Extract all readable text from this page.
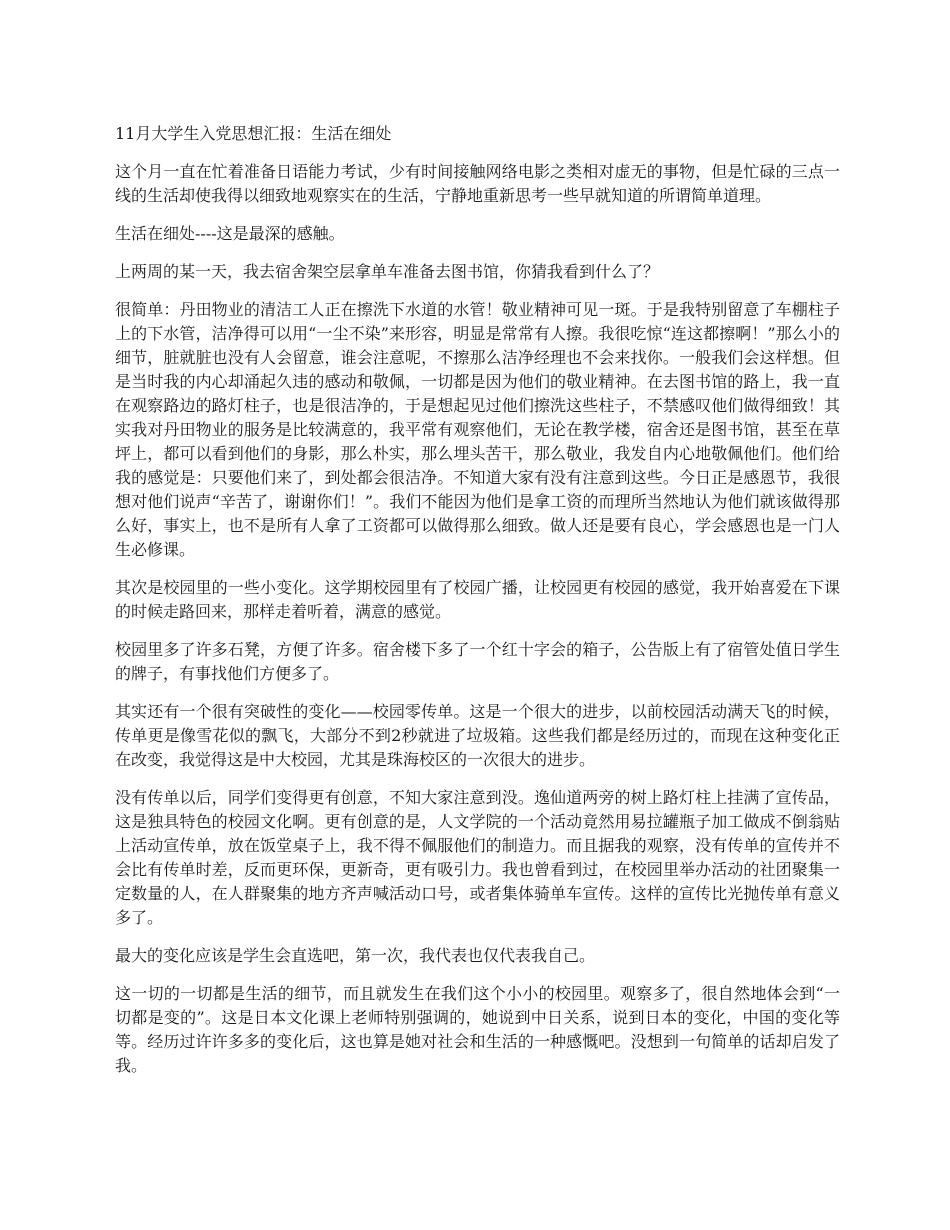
11月大学生入党思想汇报：生活在细处

这个月一直在忙着准备日语能力考试，少有时间接触网络电影之类相对虚无的事物，但是忙碌的三点一线的生活却使我得以细致地观察实在的生活，宁静地重新思考一些早就知道的所谓简单道理。

生活在细处----这是最深的感触。

上两周的某一天，我去宿舍架空层拿单车准备去图书馆，你猜我看到什么了？

很简单：丹田物业的清洁工人正在擦洗下水道的水管！敬业精神可见一斑。于是我特别留意了车棚柱子上的下水管，洁净得可以用“一尘不染”来形容，明显是常常有人擦。我很吃惊“连这都擦啊！”那么小的细节，脏就脏也没有人会留意，谁会注意呢，不擦那么洁净经理也不会来找你。一般我们会这样想。但是当时我的内心却涌起久违的感动和敬佩，一切都是因为他们的敬业精神。在去图书馆的路上，我一直在观察路边的路灯柱子，也是很洁净的，于是想起见过他们擦洗这些柱子，不禁感叹他们做得细致！其实我对丹田物业的服务是比较满意的，我平常有观察他们，无论在教学楼，宿舍还是图书馆，甚至在草坪上，都可以看到他们的身影，那么朴实，那么埋头苦干，那么敬业，我发自内心地敬佩他们。他们给我的感觉是：只要他们来了，到处都会很洁净。不知道大家有没有注意到这些。今日正是感恩节，我很想对他们说声“辛苦了，谢谢你们！”。我们不能因为他们是拿工资的而理所当然地认为他们就该做得那么好，事实上，也不是所有人拿了工资都可以做得那么细致。做人还是要有良心，学会感恩也是一门人生必修课。

其次是校园里的一些小变化。这学期校园里有了校园广播，让校园更有校园的感觉，我开始喜爱在下课的时候走路回来，那样走着听着，满意的感觉。

校园里多了许多石凳，方便了许多。宿舍楼下多了一个红十字会的箱子，公告版上有了宿管处值日学生的牌子，有事找他们方便多了。

其实还有一个很有突破性的变化——校园零传单。这是一个很大的进步，以前校园活动满天飞的时候，传单更是像雪花似的飘飞，大部分不到2秒就进了垃圾箱。这些我们都是经历过的，而现在这种变化正在改变，我觉得这是中大校园，尤其是珠海校区的一次很大的进步。

没有传单以后，同学们变得更有创意，不知大家注意到没。逸仙道两旁的树上路灯柱上挂满了宣传品，这是独具特色的校园文化啊。更有创意的是，人文学院的一个活动竟然用易拉罐瓶子加工做成不倒翁贴上活动宣传单，放在饭堂桌子上，我不得不佩服他们的制造力。而且据我的观察，没有传单的宣传并不会比有传单时差，反而更环保，更新奇，更有吸引力。我也曾看到过，在校园里举办活动的社团聚集一定数量的人，在人群聚集的地方齐声喊活动口号，或者集体骑单车宣传。这样的宣传比光抛传单有意义多了。

最大的变化应该是学生会直选吧，第一次，我代表也仅代表我自己。

这一切的一切都是生活的细节，而且就发生在我们这个小小的校园里。观察多了，很自然地体会到“一切都是变的”。这是日本文化课上老师特别强调的，她说到中日关系，说到日本的变化，中国的变化等等。经历过许许多多的变化后，这也算是她对社会和生活的一种感慨吧。没想到一句简单的话却启发了我。
